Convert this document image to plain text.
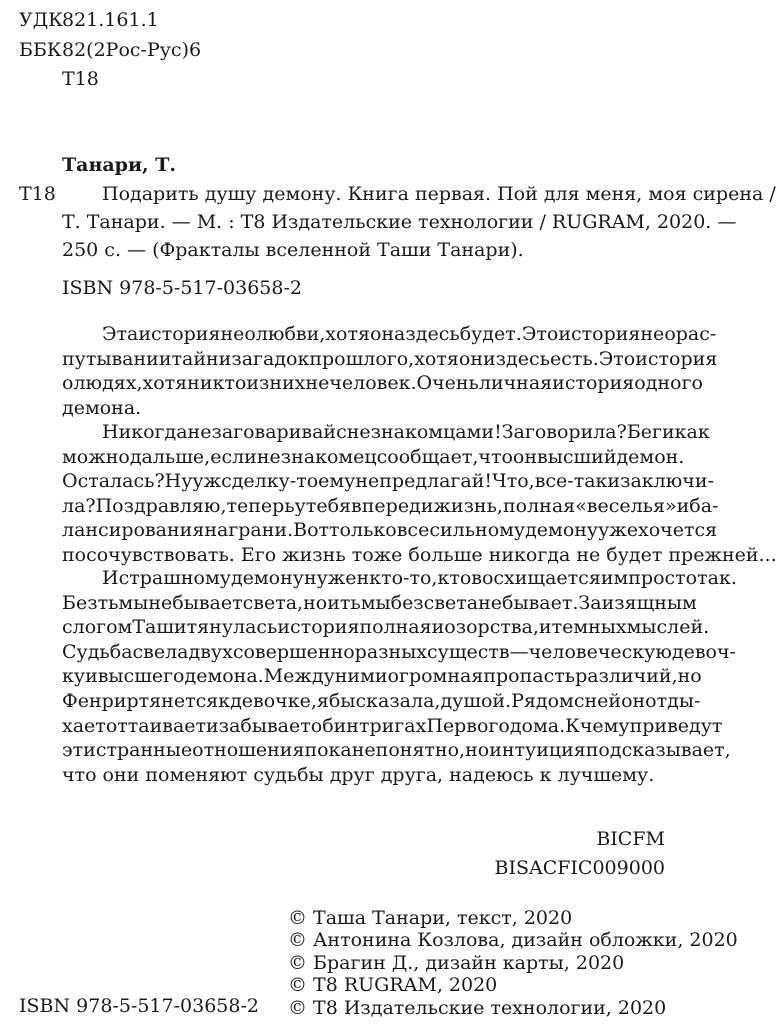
УДК 821.161.1
ББК 82(2Рос-Рус)6
Т18
Танари, Т.
Т18 Подарить душу демону. Книга первая. Пой для меня, моя сирена /
Т. Танари. — М. : Т8 Издательские технологии / RUGRAM, 2020. —
250 с. — (Фракталы вселенной Таши Танари).
ISBN 978-5-517-03658-2
Эта история не о любви, хотя она здесь будет. Это история не о рас-
путывании тайн и загадок прошлого, хотя они здесь есть. Это история
о людях, хотя никто из них не человек. Очень личная история одного
демона.
Никогда не заговаривай с незнакомцами! Заговорила? Беги как
можно дальше, если незнакомец сообщает, что он высший демон.
Осталась? Ну уж сделку-то ему не предлагай! Что, все-таки заключи-
ла? Поздравляю, теперь у тебя впереди жизнь, полная «веселья» и ба-
лансирования на грани. Вот только всесильному демону уже хочется
посочувствовать. Его жизнь тоже больше никогда не будет прежней...
И страшному демону нужен кто-то, кто восхищается им просто так.
Без тьмы не бывает света, но и тьмы без света не бывает. За изящным
слогом Таши тянулась история полная и озорства, и темных мыслей.
Судьба свела двух совершенно разных существ — человеческую девоч-
ку и высшего демона. Между ними огромная пропасть различий, но
Фенрир тянется к девочке, я бы сказала, душой. Рядом с ней он отды-
хает оттаивает и забывает об интригах Первого дома. К чему приведут
эти странные отношения пока непонятно, но интуиция подсказывает,
что они поменяют судьбы друг друга, надеюсь к лучшему.
BICFM
BISACFIC009000
ISBN 978-5-517-03658-2
© Таша Танари, текст, 2020
© Антонина Козлова, дизайн обложки, 2020
© Брагин Д., дизайн карты, 2020
© Т8 RUGRAM, 2020
© Т8 Издательские технологии, 2020
